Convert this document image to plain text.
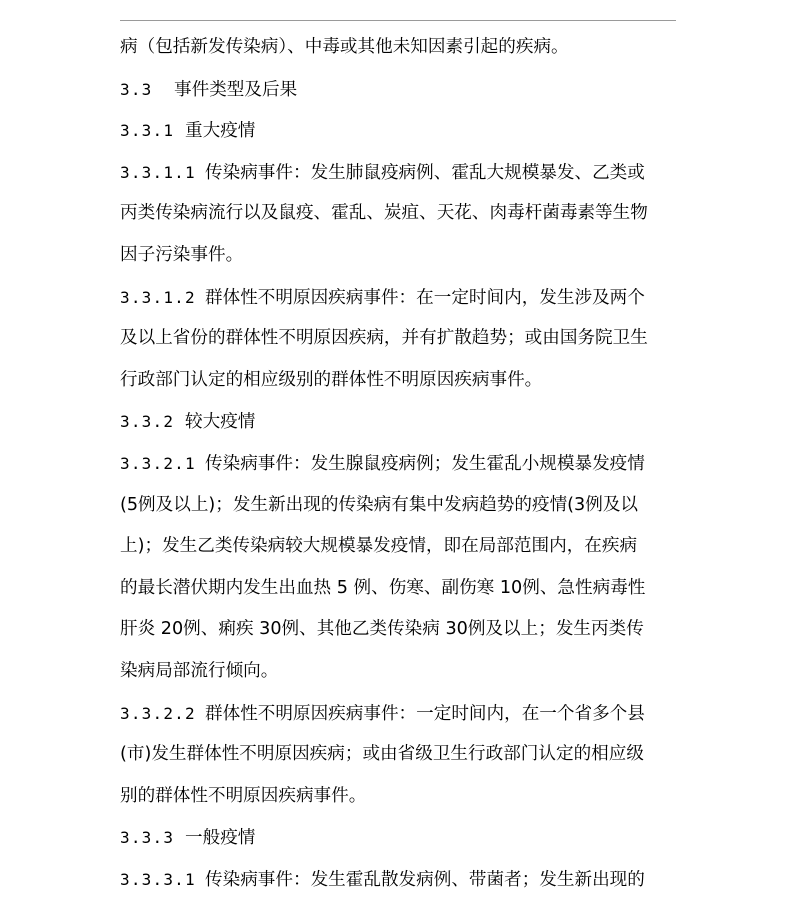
病（包括新发传染病）、中毒或其他未知因素引起的疾病。
3.3 事件类型及后果
3.3.1 重大疫情
3.3.1.1 传染病事件：发生肺鼠疫病例、霍乱大规模暴发、乙类或
丙类传染病流行以及鼠疫、霍乱、炭疽、天花、肉毒杆菌毒素等生物
因子污染事件。
3.3.1.2 群体性不明原因疾病事件：在一定时间内，发生涉及两个
及以上省份的群体性不明原因疾病，并有扩散趋势；或由国务院卫生
行政部门认定的相应级别的群体性不明原因疾病事件。
3.3.2 较大疫情
3.3.2.1 传染病事件：发生腺鼠疫病例；发生霍乱小规模暴发疫情
(5例及以上)；发生新出现的传染病有集中发病趋势的疫情(3例及以
上)；发生乙类传染病较大规模暴发疫情，即在局部范围内，在疾病
的最长潜伏期内发生出血热 5 例、伤寒、副伤寒 10例、急性病毒性
肝炎 20例、痢疾 30例、其他乙类传染病 30例及以上；发生丙类传
染病局部流行倾向。
3.3.2.2 群体性不明原因疾病事件：一定时间内，在一个省多个县
(市)发生群体性不明原因疾病；或由省级卫生行政部门认定的相应级
别的群体性不明原因疾病事件。
3.3.3 一般疫情
3.3.3.1 传染病事件：发生霍乱散发病例、带菌者；发生新出现的
